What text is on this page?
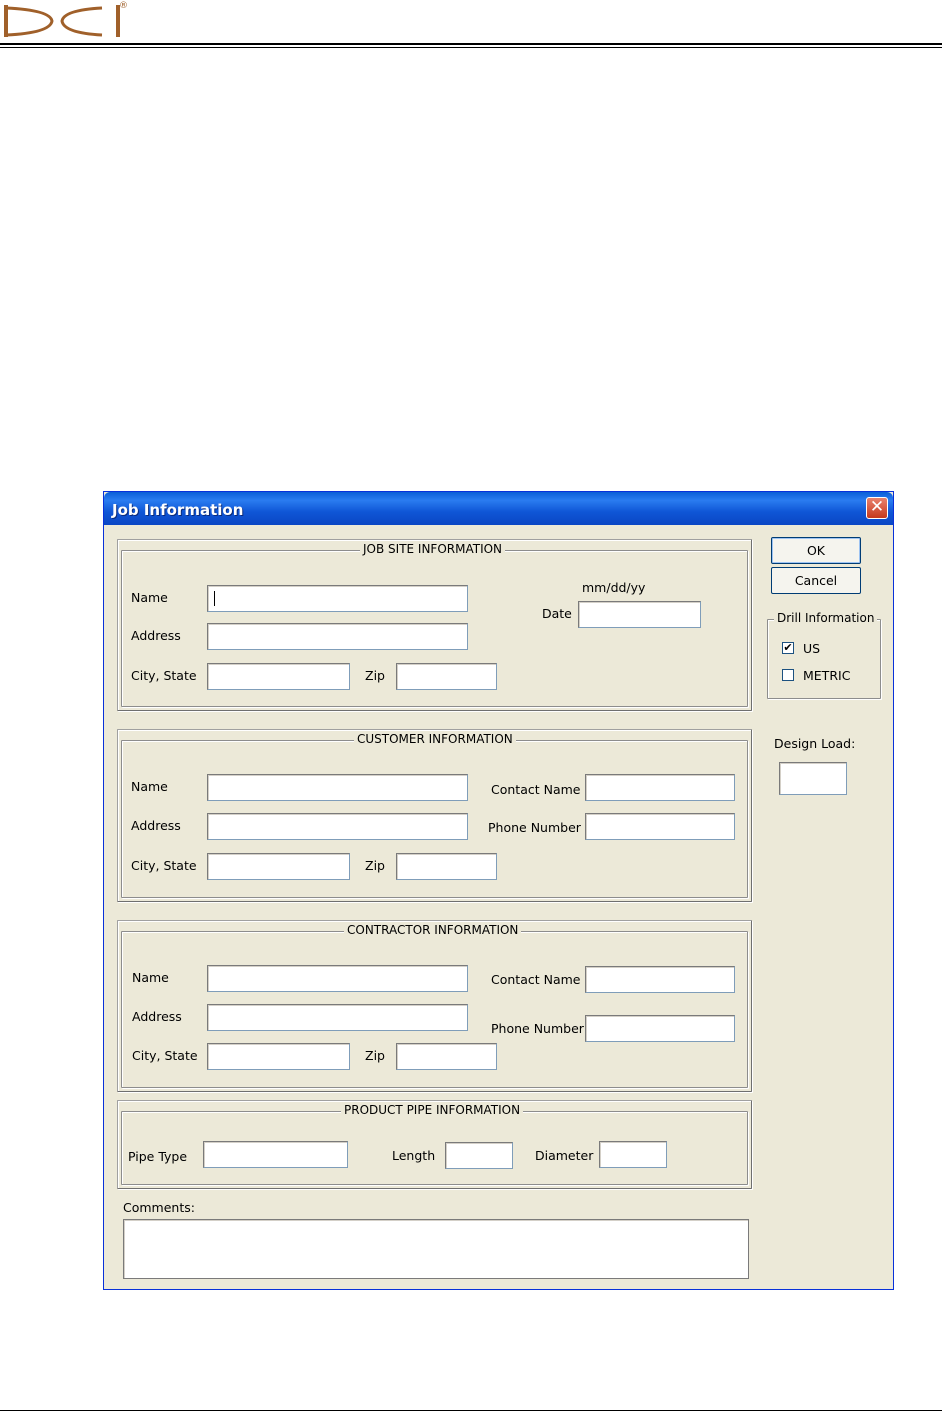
®
Job Information	✕
JOB SITE INFORMATION
Name
Address
City, State	Zip
mm/dd/yy
Date
CUSTOMER INFORMATION
Name
Address
City, State	Zip
Contact Name
Phone Number
CONTRACTOR INFORMATION
Name
Address
City, State	Zip
Contact Name
Phone Number
PRODUCT PIPE INFORMATION
Pipe Type	Length	Diameter
Comments:
OK
Cancel
Drill Information
✔ US
METRIC
Design Load:
